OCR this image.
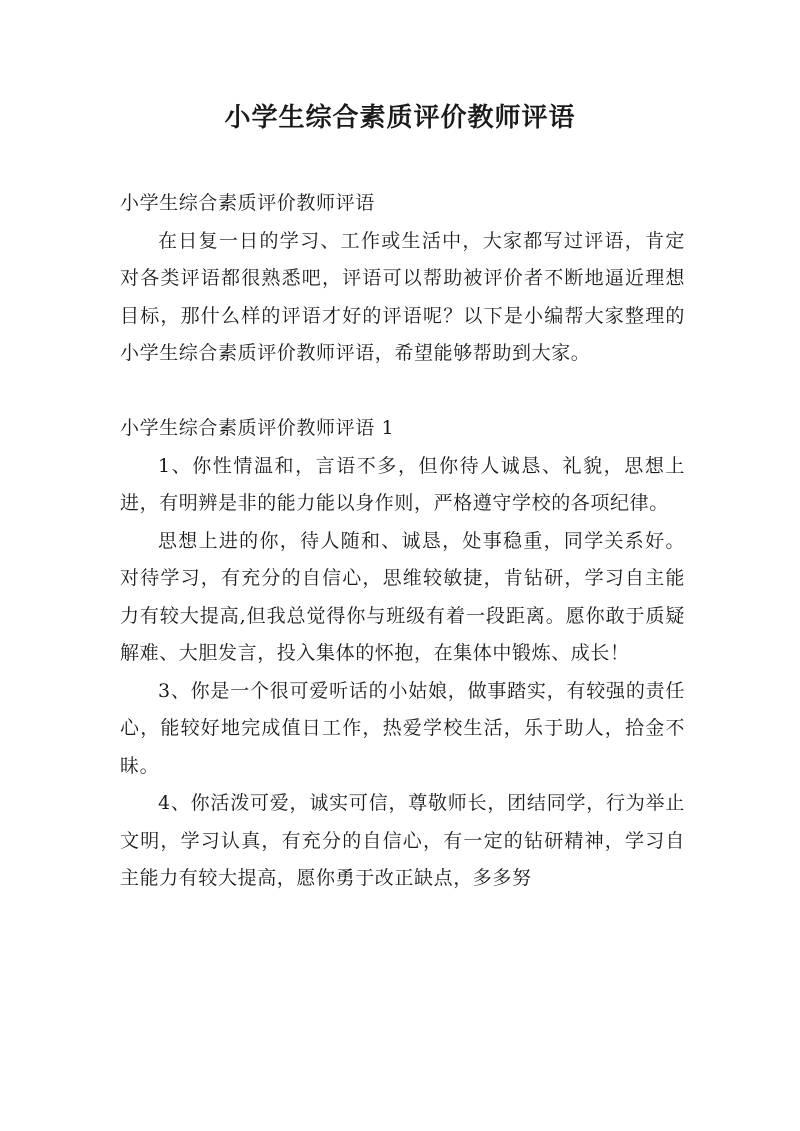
小学生综合素质评价教师评语

小学生综合素质评价教师评语

在日复一日的学习、工作或生活中，大家都写过评语，肯定对各类评语都很熟悉吧，评语可以帮助被评价者不断地逼近理想目标，那什么样的评语才好的评语呢？以下是小编帮大家整理的小学生综合素质评价教师评语，希望能够帮助到大家。

小学生综合素质评价教师评语 1

1、你性情温和，言语不多，但你待人诚恳、礼貌，思想上进，有明辨是非的能力能以身作则，严格遵守学校的各项纪律。

思想上进的你，待人随和、诚恳，处事稳重，同学关系好。对待学习，有充分的自信心，思维较敏捷，肯钻研，学习自主能力有较大提高,但我总觉得你与班级有着一段距离。愿你敢于质疑解难、大胆发言，投入集体的怀抱，在集体中锻炼、成长！

3、你是一个很可爱听话的小姑娘，做事踏实，有较强的责任心，能较好地完成值日工作，热爱学校生活，乐于助人，拾金不昧。

4、你活泼可爱，诚实可信，尊敬师长，团结同学，行为举止文明，学习认真，有充分的自信心，有一定的钻研精神，学习自主能力有较大提高，愿你勇于改正缺点，多多努
